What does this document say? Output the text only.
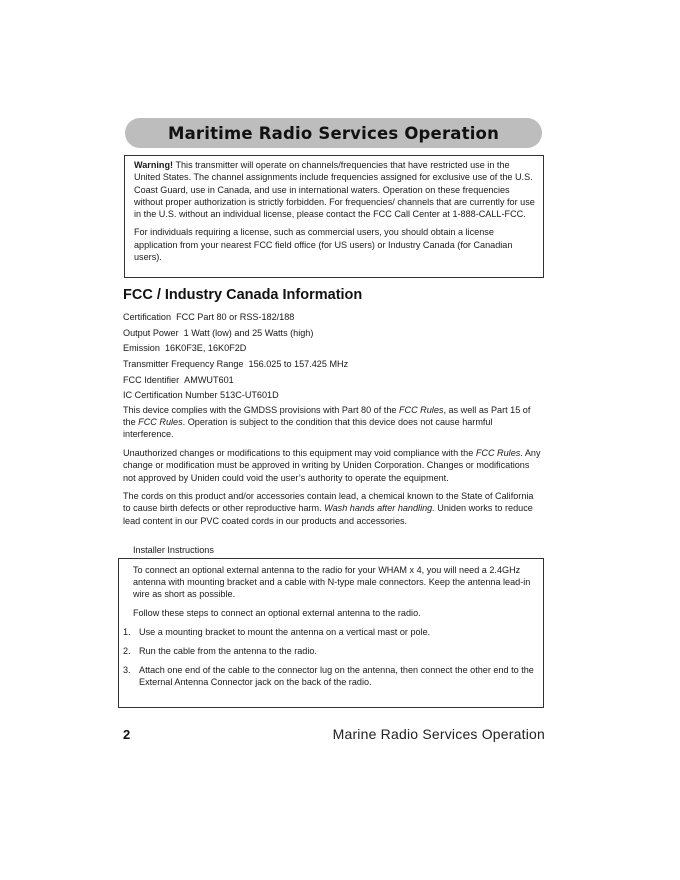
Maritime Radio Services Operation

Warning! This transmitter will operate on channels/frequencies that have restricted use in the United States. The channel assignments include frequencies assigned for exclusive use of the U.S. Coast Guard, use in Canada, and use in international waters. Operation on these frequencies without proper authorization is strictly forbidden. For frequencies/ channels that are currently for use in the U.S. without an individual license, please contact the FCC Call Center at 1-888-CALL-FCC.

For individuals requiring a license, such as commercial users, you should obtain a license application from your nearest FCC field office (for US users) or Industry Canada (for Canadian users).

FCC / Industry Canada Information
Certification FCC Part 80 or RSS-182/188
Output Power 1 Watt (low) and 25 Watts (high)
Emission 16K0F3E, 16K0F2D
Transmitter Frequency Range 156.025 to 157.425 MHz
FCC Identifier AMWUT601
IC Certification Number 513C-UT601D

This device complies with the GMDSS provisions with Part 80 of the FCC Rules, as well as Part 15 of the FCC Rules. Operation is subject to the condition that this device does not cause harmful interference.

Unauthorized changes or modifications to this equipment may void compliance with the FCC Rules. Any change or modification must be approved in writing by Uniden Corporation. Changes or modifications not approved by Uniden could void the user’s authority to operate the equipment.

The cords on this product and/or accessories contain lead, a chemical known to the State of California to cause birth defects or other reproductive harm. Wash hands after handling. Uniden works to reduce lead content in our PVC coated cords in our products and accessories.

Installer Instructions

To connect an optional external antenna to the radio for your WHAM x 4, you will need a 2.4GHz antenna with mounting bracket and a cable with N-type male connectors. Keep the antenna lead-in wire as short as possible.

Follow these steps to connect an optional external antenna to the radio.

1. Use a mounting bracket to mount the antenna on a vertical mast or pole.
2. Run the cable from the antenna to the radio.
3. Attach one end of the cable to the connector lug on the antenna, then connect the other end to the External Antenna Connector jack on the back of the radio.
2	Marine Radio Services Operation
